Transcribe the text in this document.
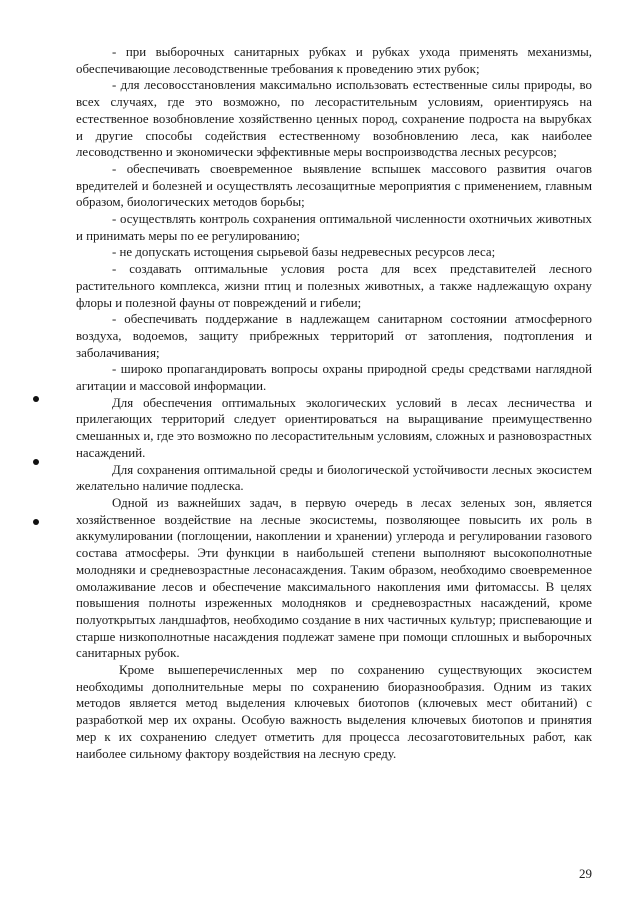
- при выборочных санитарных рубках и рубках ухода применять механизмы, обеспечивающие лесоводственные требования к проведению этих рубок;

- для лесовосстановления максимально использовать естественные силы природы, во всех случаях, где это возможно, по лесорастительным условиям, ориентируясь на естественное возобновление хозяйственно ценных пород, сохранение подроста на вырубках и другие способы содействия естественному возобновлению леса, как наиболее лесоводственно и экономически эффективные меры воспроизводства лесных ресурсов;

- обеспечивать своевременное выявление вспышек массового развития очагов вредителей и болезней и осуществлять лесозащитные мероприятия с применением, главным образом, биологических методов борьбы;

- осуществлять контроль сохранения оптимальной численности охотничьих животных и принимать меры по ее регулированию;

- не допускать истощения сырьевой базы недревесных ресурсов леса;

- создавать оптимальные условия роста для всех представителей лесного растительного комплекса, жизни птиц и полезных животных, а также надлежащую охрану флоры и полезной фауны от повреждений и гибели;

- обеспечивать поддержание в надлежащем санитарном состоянии атмосферного воздуха, водоемов, защиту прибрежных территорий от затопления, подтопления и заболачивания;

- широко пропагандировать вопросы охраны природной среды средствами наглядной агитации и массовой информации.

Для обеспечения оптимальных экологических условий в лесах лесничества и прилегающих территорий следует ориентироваться на выращивание преимущественно смешанных и, где это возможно по лесорастительным условиям, сложных и разновозрастных насаждений.

Для сохранения оптимальной среды и биологической устойчивости лесных экосистем желательно наличие подлеска.

Одной из важнейших задач, в первую очередь в лесах зеленых зон, является хозяйственное воздействие на лесные экосистемы, позволяющее повысить их роль в аккумулировании (поглощении, накоплении и хранении) углерода и регулировании газового состава атмосферы. Эти функции в наибольшей степени выполняют высокополнотные молодняки и средневозрастные лесонасаждения. Таким образом, необходимо своевременное омолаживание лесов и обеспечение максимального накопления ими фитомассы. В целях повышения полноты изреженных молодняков и средневозрастных насаждений, кроме полуоткрытых ландшафтов, необходимо создание в них частичных культур; приспевающие и старше низкополнотные насаждения подлежат замене при помощи сплошных и выборочных санитарных рубок.

Кроме вышеперечисленных мер по сохранению существующих экосистем необходимы дополнительные меры по сохранению биоразнообразия. Одним из таких методов является метод выделения ключевых биотопов (ключевых мест обитаний) с разработкой мер их охраны. Особую важность выделения ключевых биотопов и принятия мер к их сохранению следует отметить для процесса лесозаготовительных работ, как наиболее сильному фактору воздействия на лесную среду.

29
